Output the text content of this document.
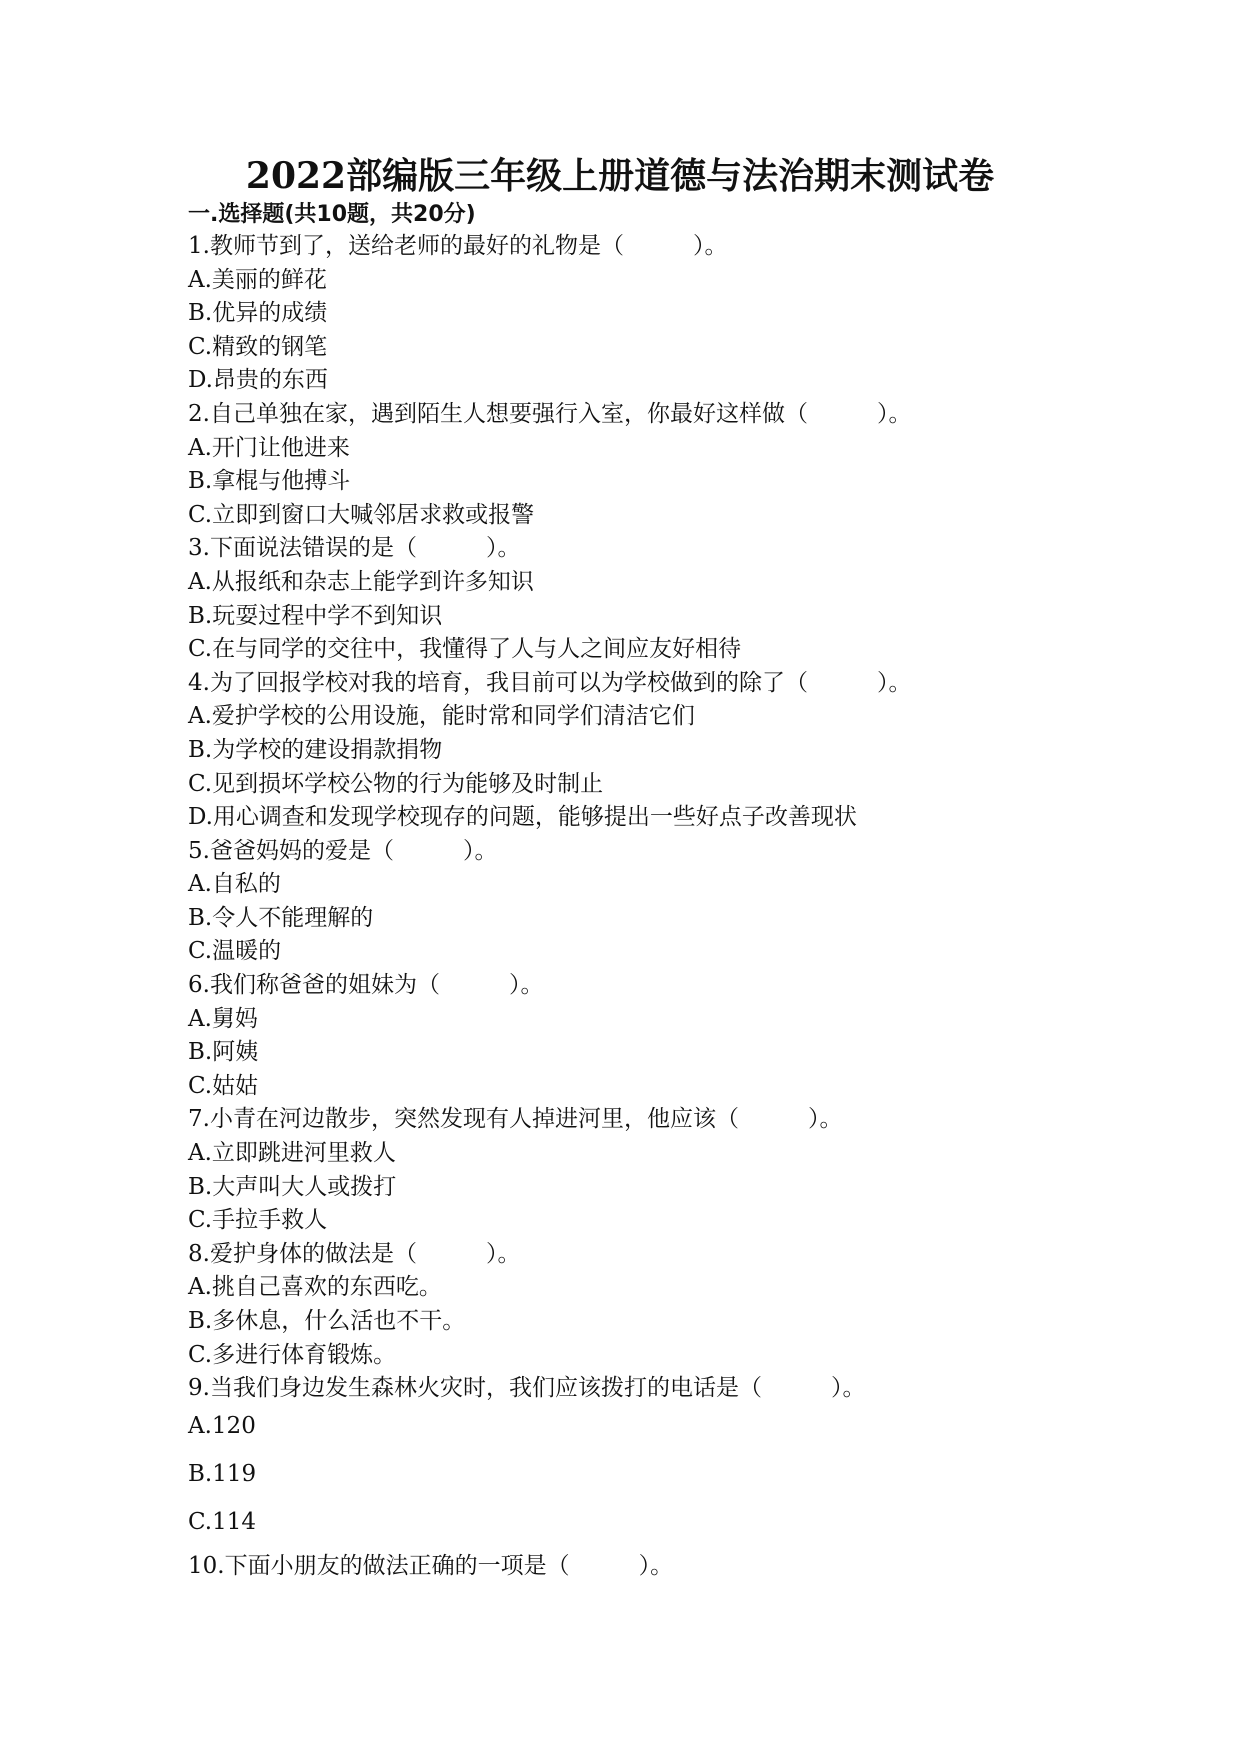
2022部编版三年级上册道德与法治期末测试卷
一.选择题(共10题，共20分)
1.教师节到了，送给老师的最好的礼物是（　　　）。
A.美丽的鲜花
B.优异的成绩
C.精致的钢笔
D.昂贵的东西
2.自己单独在家，遇到陌生人想要强行入室，你最好这样做（　　　）。
A.开门让他进来
B.拿棍与他搏斗
C.立即到窗口大喊邻居求救或报警
3.下面说法错误的是（　　　）。
A.从报纸和杂志上能学到许多知识
B.玩耍过程中学不到知识
C.在与同学的交往中，我懂得了人与人之间应友好相待
4.为了回报学校对我的培育，我目前可以为学校做到的除了（　　　）。
A.爱护学校的公用设施，能时常和同学们清洁它们
B.为学校的建设捐款捐物
C.见到损坏学校公物的行为能够及时制止
D.用心调查和发现学校现存的问题，能够提出一些好点子改善现状
5.爸爸妈妈的爱是（　　　）。
A.自私的
B.令人不能理解的
C.温暖的
6.我们称爸爸的姐妹为（　　　）。
A.舅妈
B.阿姨
C.姑姑
7.小青在河边散步，突然发现有人掉进河里，他应该（　　　）。
A.立即跳进河里救人
B.大声叫大人或拨打
C.手拉手救人
8.爱护身体的做法是（　　　）。
A.挑自己喜欢的东西吃。
B.多休息，什么活也不干。
C.多进行体育锻炼。
9.当我们身边发生森林火灾时，我们应该拨打的电话是（　　　）。
A.120
B.119
C.114
10.下面小朋友的做法正确的一项是（　　　）。
